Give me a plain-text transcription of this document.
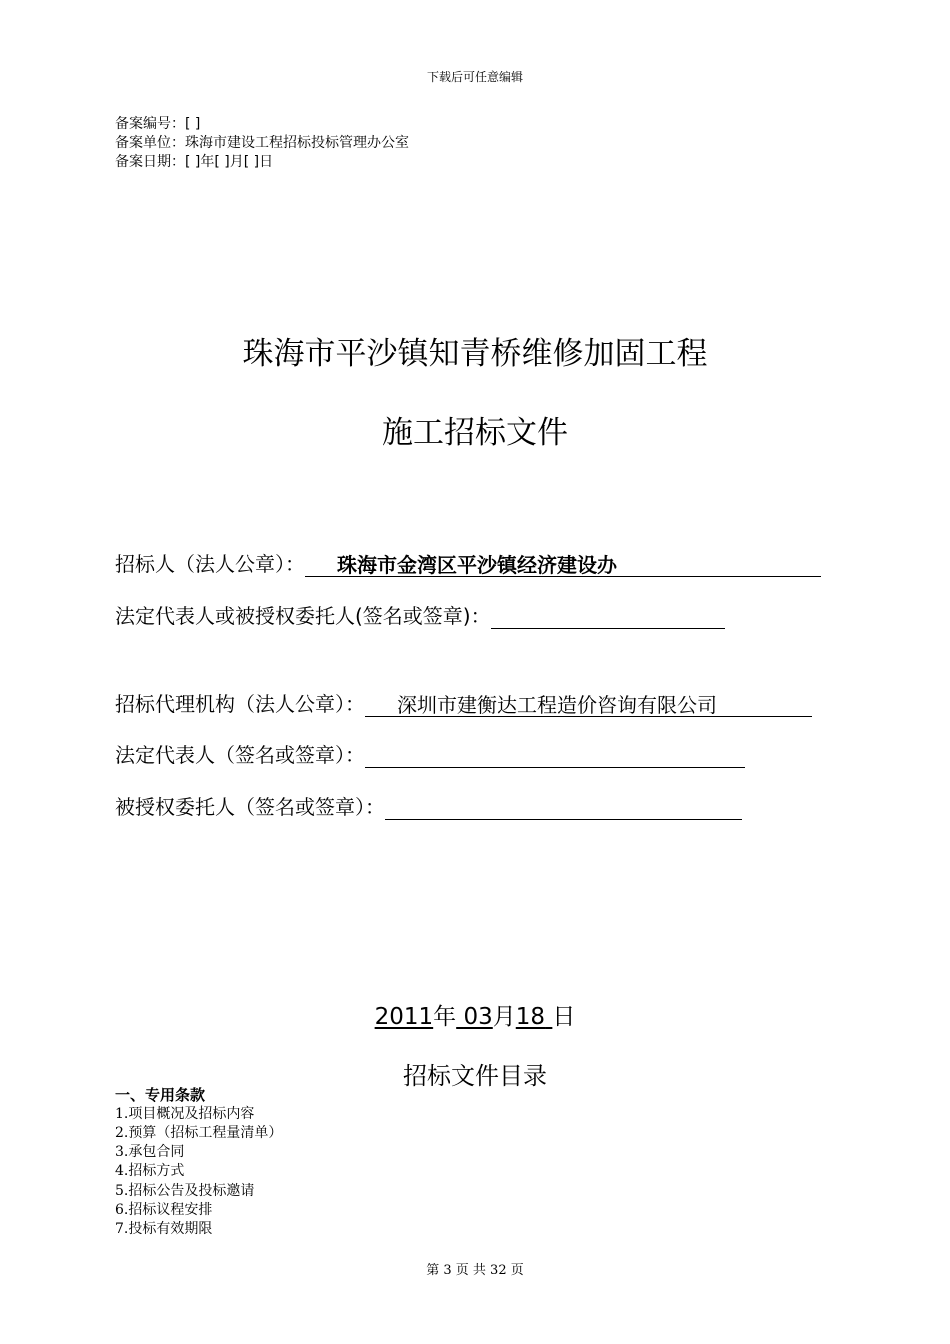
下载后可任意编辑
备案编号：[ ]
备案单位：珠海市建设工程招标投标管理办公室
备案日期：[ ]年[ ]月[ ]日
珠海市平沙镇知青桥维修加固工程
施工招标文件
招标人（法人公章）： 珠海市金湾区平沙镇经济建设办
法定代表人或被授权委托人(签名或签章)：
招标代理机构（法人公章）： 深圳市建衡达工程造价咨询有限公司
法定代表人（签名或签章）：
被授权委托人（签名或签章）：
2011年 03月18 日
招标文件目录
一、专用条款
1.项目概况及招标内容
2.预算（招标工程量清单）
3.承包合同
4.招标方式
5.招标公告及投标邀请
6.招标议程安排
7.投标有效期限
第 3 页 共 32 页
